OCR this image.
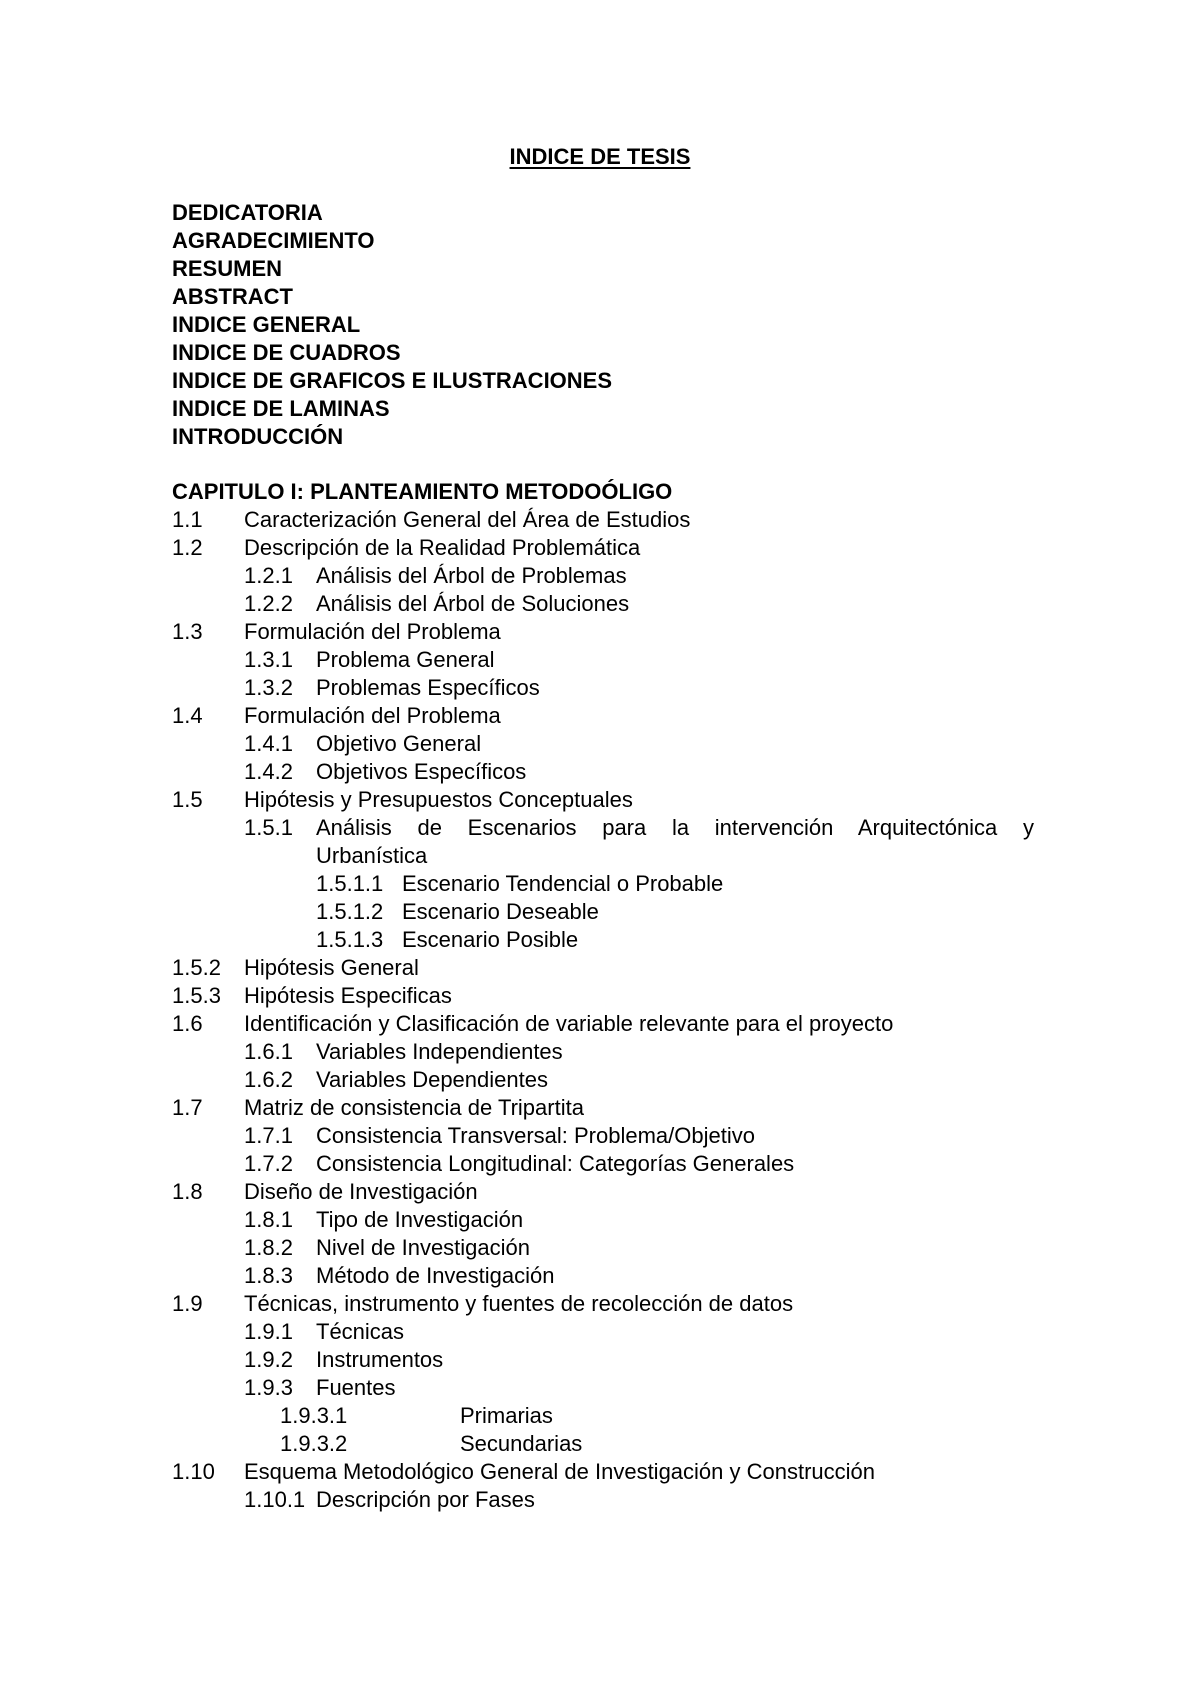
INDICE DE TESIS
DEDICATORIA
AGRADECIMIENTO
RESUMEN
ABSTRACT
INDICE GENERAL
INDICE DE CUADROS
INDICE DE GRAFICOS E ILUSTRACIONES
INDICE DE LAMINAS
INTRODUCCIÓN
CAPITULO I: PLANTEAMIENTO METODOÓLIGO
1.1 Caracterización General del Área de Estudios
1.2 Descripción de la Realidad Problemática
1.2.1 Análisis del Árbol de Problemas
1.2.2 Análisis del Árbol de Soluciones
1.3 Formulación del Problema
1.3.1 Problema General
1.3.2 Problemas Específicos
1.4 Formulación del Problema
1.4.1 Objetivo General
1.4.2 Objetivos Específicos
1.5 Hipótesis y Presupuestos Conceptuales
1.5.1 Análisis de Escenarios para la intervención Arquitectónica y
Urbanística
1.5.1.1 Escenario Tendencial o Probable
1.5.1.2 Escenario Deseable
1.5.1.3 Escenario Posible
1.5.2 Hipótesis General
1.5.3 Hipótesis Especificas
1.6 Identificación y Clasificación de variable relevante para el proyecto
1.6.1 Variables Independientes
1.6.2 Variables Dependientes
1.7 Matriz de consistencia de Tripartita
1.7.1 Consistencia Transversal: Problema/Objetivo
1.7.2 Consistencia Longitudinal: Categorías Generales
1.8 Diseño de Investigación
1.8.1 Tipo de Investigación
1.8.2 Nivel de Investigación
1.8.3 Método de Investigación
1.9 Técnicas, instrumento y fuentes de recolección de datos
1.9.1 Técnicas
1.9.2 Instrumentos
1.9.3 Fuentes
1.9.3.1	Primarias
1.9.3.2	Secundarias
1.10 Esquema Metodológico General de Investigación y Construcción
1.10.1 Descripción por Fases
